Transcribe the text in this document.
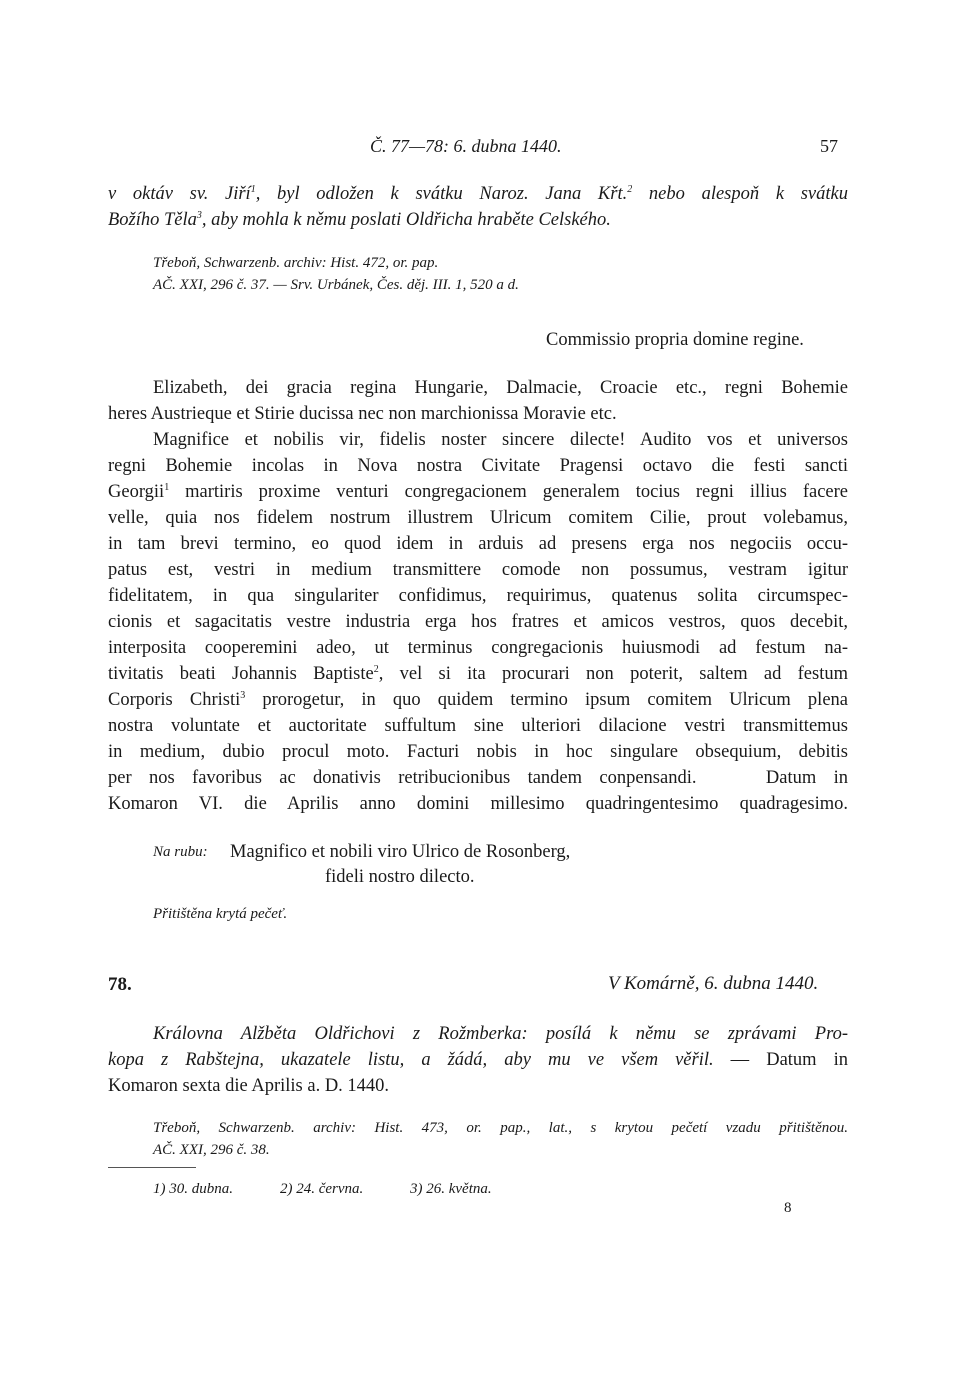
Č. 77—78: 6. dubna 1440.	57
v oktáv sv. Jiří$^1$, byl odložen k svátku Naroz. Jana Křt.$^2$ nebo alespoň k svátku
Božího Těla$^3$, aby mohla k němu poslati Oldřicha hraběte Celského.
Třeboň, Schwarzenb. archiv: Hist. 472, or. pap.
AČ. XXI, 296 č. 37. — Srv. Urbánek, Čes. děj. III. 1, 520 a d.
Commissio propria domine regine.
Elizabeth, dei gracia regina Hungarie, Dalmacie, Croacie etc., regni Bohemie
heres Austrieque et Stirie ducissa nec non marchionissa Moravie etc.
Magnifice et nobilis vir, fidelis noster sincere dilecte! Audito vos et universos
regni Bohemie incolas in Nova nostra Civitate Pragensi octavo die festi sancti
Georgii$^1$ martiris proxime venturi congregacionem generalem tocius regni illius facere
velle, quia nos fidelem nostrum illustrem Ulricum comitem Cilie, prout volebamus,
in tam brevi termino, eo quod idem in arduis ad presens erga nos negociis occu-
patus est, vestri in medium transmittere comode non possumus, vestram igitur
fidelitatem, in qua singulariter confidimus, requirimus, quatenus solita circumspec-
cionis et sagacitatis vestre industria erga hos fratres et amicos vestros, quos decebit,
interposita cooperemini adeo, ut terminus congregacionis huiusmodi ad festum na-
tivitatis beati Johannis Baptiste$^2$, vel si ita procurari non poterit, saltem ad festum
Corporis Christi$^3$ prorogetur, in quo quidem termino ipsum comitem Ulricum plena
nostra voluntate et auctoritate suffultum sine ulteriori dilacione vestri transmittemus
in medium, dubio procul moto. Facturi nobis in hoc singulare obsequium, debitis
per nos favoribus ac donativis retribucionibus tandem conpensandi.    Datum in
Komaron VI. die Aprilis anno domini millesimo quadringentesimo quadragesimo.
Na rubu: Magnifico et nobili viro Ulrico de Rosonberg,
fideli nostro dilecto.
Přitištěna krytá pečeť.
78.	V Komárně, 6. dubna 1440.
Královna Alžběta Oldřichovi z Rožmberka: posílá k němu se zprávami Pro-
kopa z Rabštejna, ukazatele listu, a žádá, aby mu ve všem věřil. — Datum in
Komaron sexta die Aprilis a. D. 1440.
Třeboň, Schwarzenb. archiv: Hist. 473, or. pap., lat., s krytou pečetí vzadu přitištěnou.
AČ. XXI, 296 č. 38.
1) 30. dubna.	2) 24. června.	3) 26. května.
8
